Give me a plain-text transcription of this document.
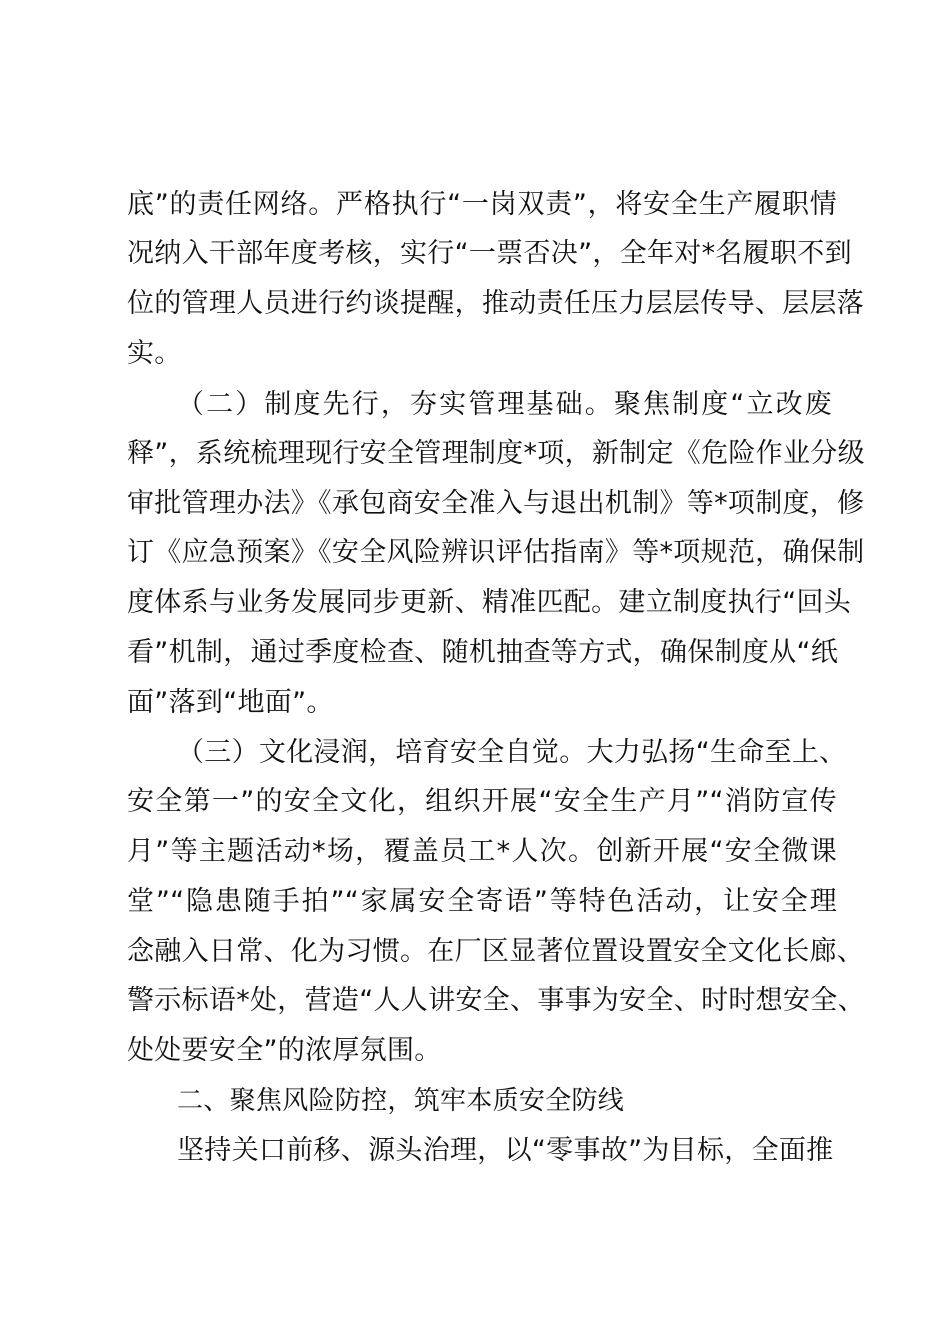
底”的责任网络。严格执行“一岗双责”，将安全生产履职情
况纳入干部年度考核，实行“一票否决”，全年对*名履职不到
位的管理人员进行约谈提醒，推动责任压力层层传导、层层落
实。
（二）制度先行，夯实管理基础。聚焦制度“立改废
释”，系统梳理现行安全管理制度*项，新制定《危险作业分级
审批管理办法》《承包商安全准入与退出机制》等*项制度，修
订《应急预案》《安全风险辨识评估指南》等*项规范，确保制
度体系与业务发展同步更新、精准匹配。建立制度执行“回头
看”机制，通过季度检查、随机抽查等方式，确保制度从“纸
面”落到“地面”。
（三）文化浸润，培育安全自觉。大力弘扬“生命至上、
安全第一”的安全文化，组织开展“安全生产月”“消防宣传
月”等主题活动*场，覆盖员工*人次。创新开展“安全微课
堂”“隐患随手拍”“家属安全寄语”等特色活动，让安全理
念融入日常、化为习惯。在厂区显著位置设置安全文化长廊、
警示标语*处，营造“人人讲安全、事事为安全、时时想安全、
处处要安全”的浓厚氛围。
二、聚焦风险防控，筑牢本质安全防线
坚持关口前移、源头治理，以“零事故”为目标，全面推
